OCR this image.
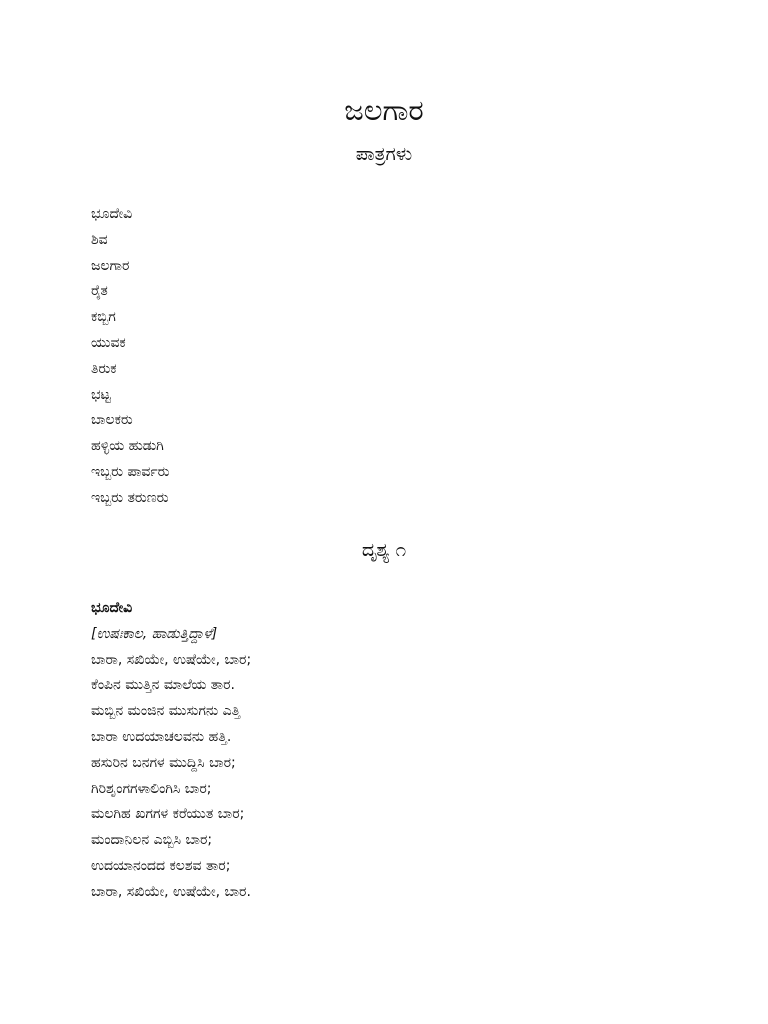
ಜಲಗಾರ
ಪಾತ್ರಗಳು
ಭೂದೇವಿ
ಶಿವ
ಜಲಗಾರ
ರೈತ
ಕಬ್ಬಿಗ
ಯುವಕ
ತಿರುಕ
ಭಟ್ಟ
ಬಾಲಕರು
ಹಳ್ಳಿಯ ಹುಡುಗಿ
ಇಬ್ಬರು ಪಾರ್ವರು
ಇಬ್ಬರು ತರುಣರು
ದೃಶ್ಯ ೧
ಭೂದೇವಿ
[ಉಷಃಕಾಲ, ಹಾಡುತ್ತಿದ್ದಾಳೆ]
ಬಾರಾ, ಸಖಿಯೇ, ಉಷೆಯೇ, ಬಾರ;
ಕೆಂಪಿನ ಮುತ್ತಿನ ಮಾಲೆಯ ತಾರ.
ಮಬ್ಬಿನ ಮಂಜಿನ ಮುಸುಗನು ಎತ್ತಿ
ಬಾರಾ ಉದಯಾಚಲವನು ಹತ್ತಿ.
ಹಸುರಿನ ಬನಗಳ ಮುದ್ದಿಸಿ ಬಾರ;
ಗಿರಿಶೃಂಗಗಳಾಲಿಂಗಿಸಿ ಬಾರ;
ಮಲಗಿಹ ಖಗಗಳ ಕರೆಯುತ ಬಾರ;
ಮಂದಾನಿಲನ ಎಬ್ಬಿಸಿ ಬಾರ;
ಉದಯಾನಂದದ ಕಲಶವ ತಾರ;
ಬಾರಾ, ಸಖಿಯೇ, ಉಷೆಯೇ, ಬಾರ.
